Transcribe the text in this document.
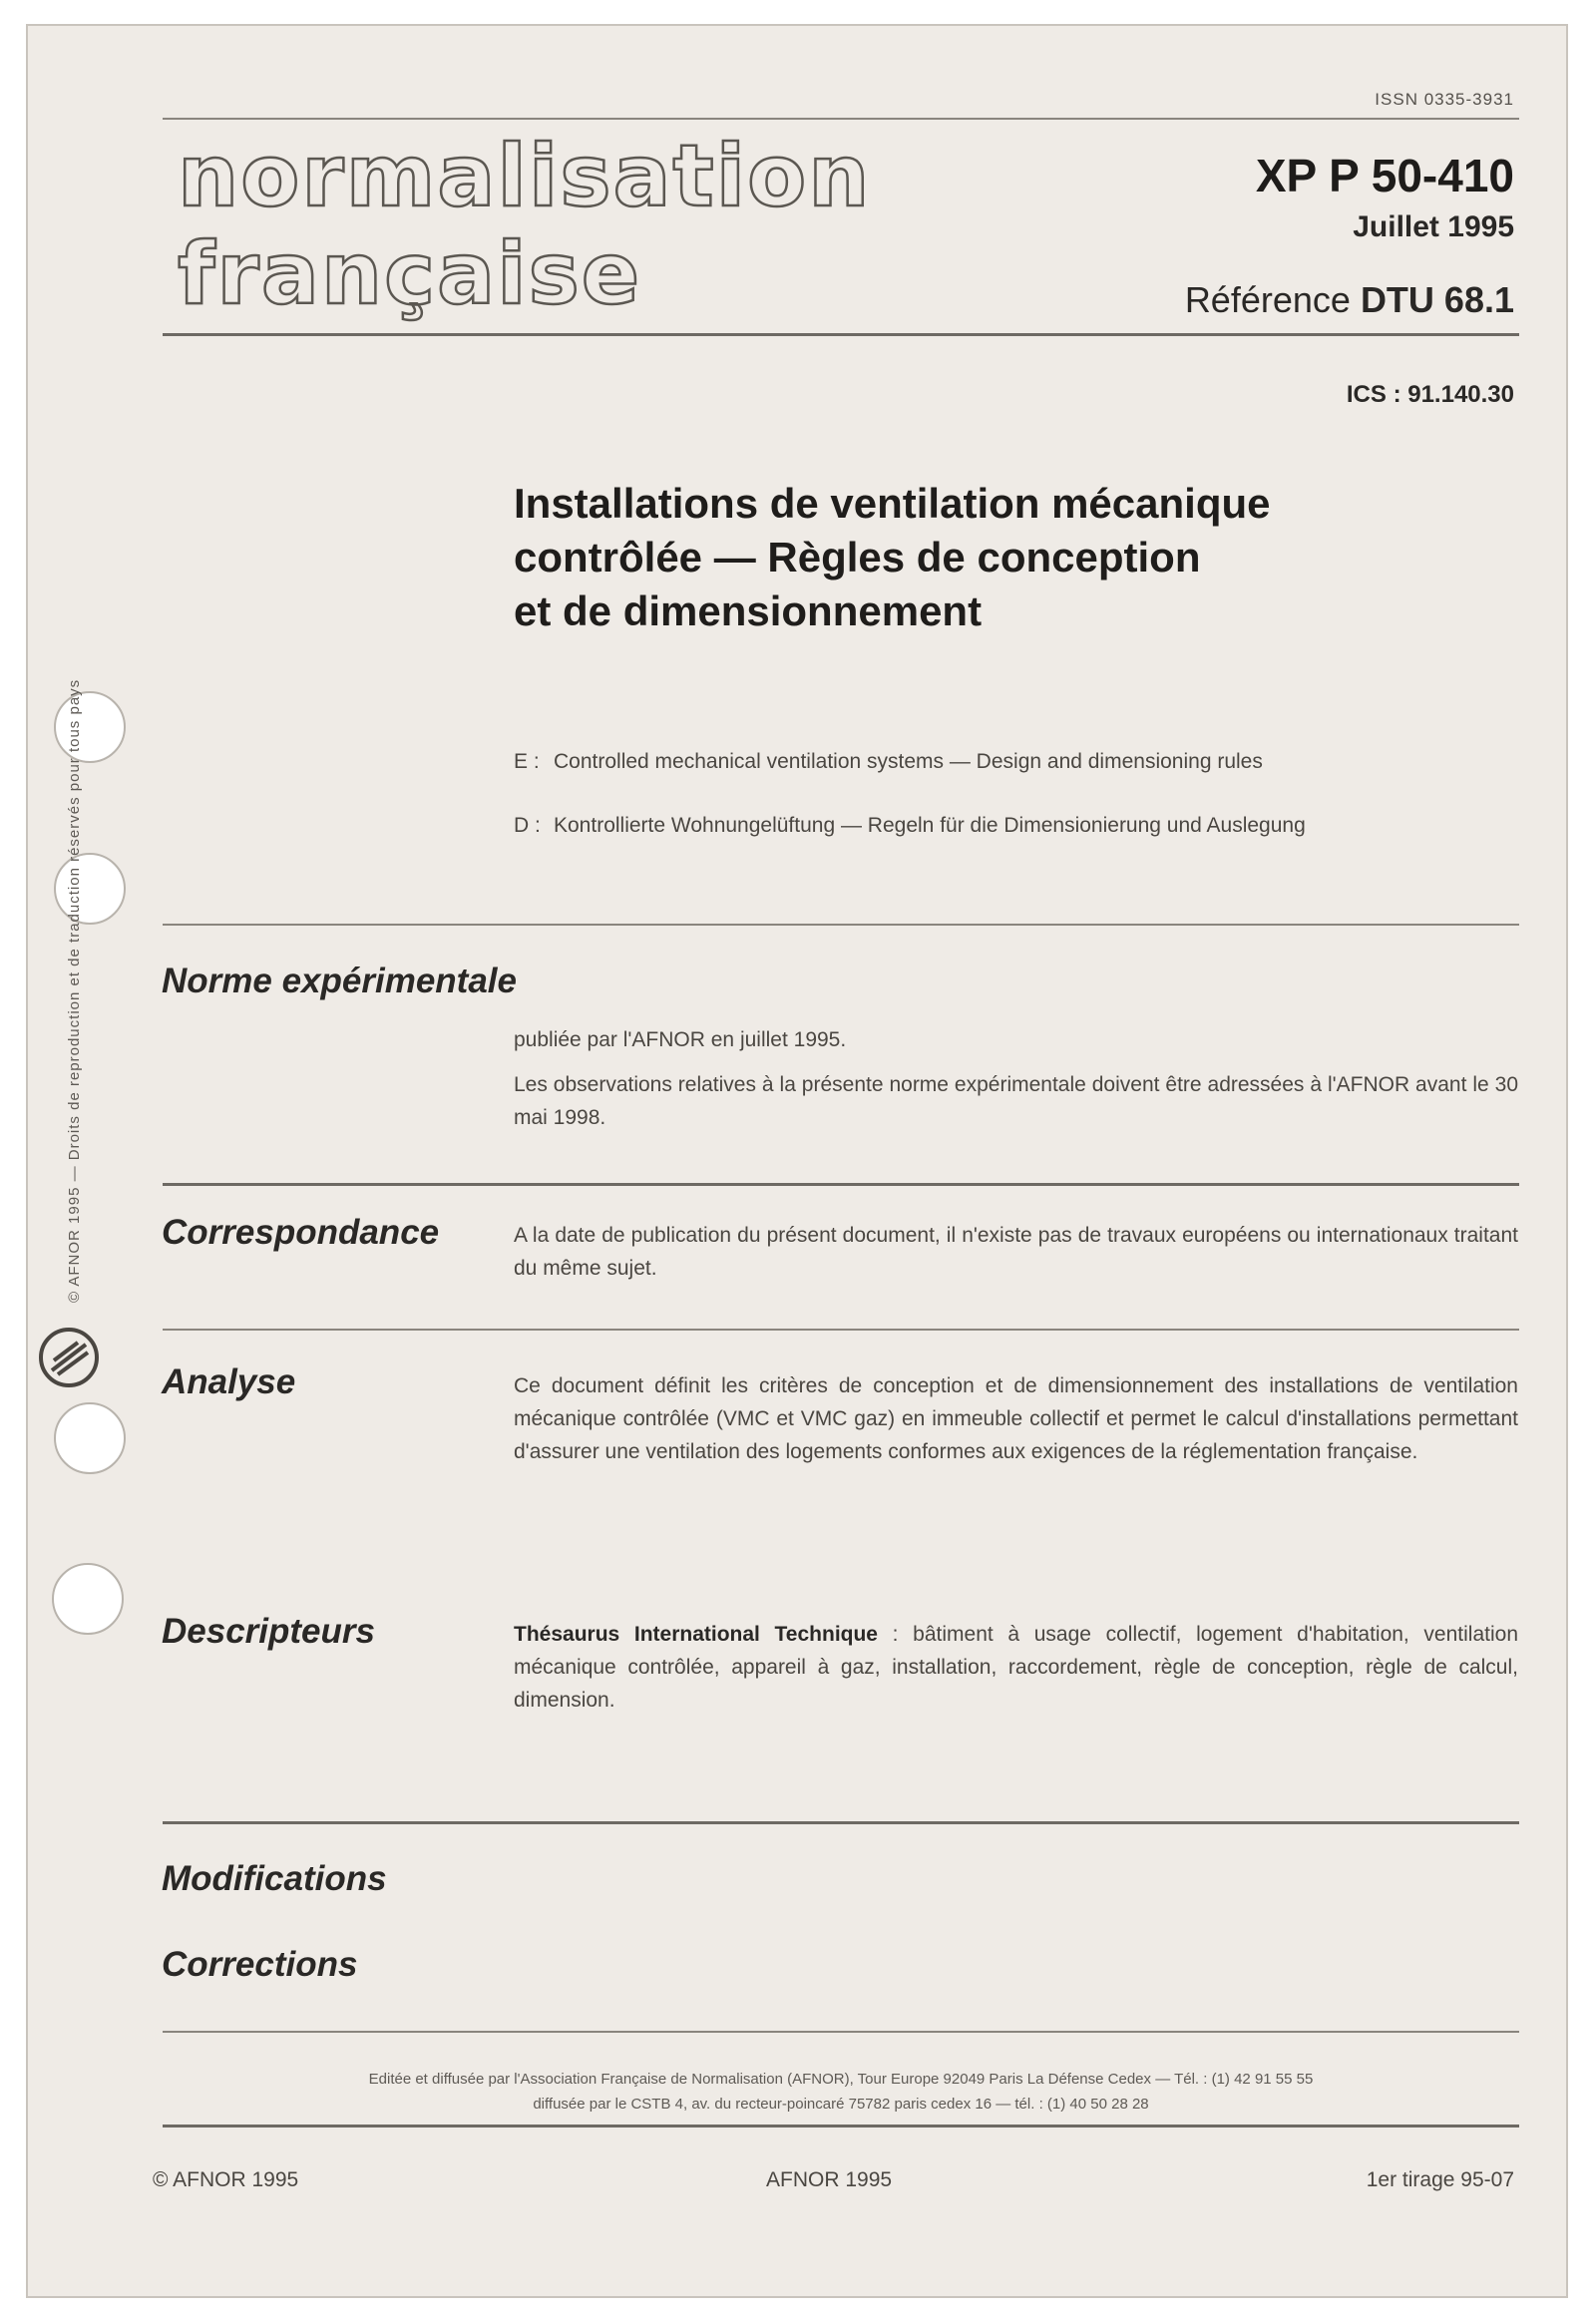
© AFNOR 1995 — Droits de reproduction et de traduction réservés pour tous pays
ISSN 0335-3931
normalisation
française
XP P 50-410
Juillet 1995
Référence DTU 68.1
ICS : 91.140.30
Installations de ventilation mécanique
contrôlée — Règles de conception
et de dimensionnement
E : Controlled mechanical ventilation systems — Design and dimensioning rules
D : Kontrollierte Wohnungelüftung — Regeln für die Dimensionierung und Auslegung
Norme expérimentale
publiée par l'AFNOR en juillet 1995.
Les observations relatives à la présente norme expérimentale doivent être adressées à l'AFNOR avant le 30 mai 1998.
Correspondance	A la date de publication du présent document, il n'existe pas de travaux européens ou internationaux traitant du même sujet.
Analyse	Ce document définit les critères de conception et de dimensionnement des installations de ventilation mécanique contrôlée (VMC et VMC gaz) en immeuble collectif et permet le calcul d'installations permettant d'assurer une ventilation des logements conformes aux exigences de la réglementation française.
Descripteurs	Thésaurus International Technique : bâtiment à usage collectif, logement d'habitation, ventilation mécanique contrôlée, appareil à gaz, installation, raccordement, règle de conception, règle de calcul, dimension.
Modifications
Corrections
Editée et diffusée par l'Association Française de Normalisation (AFNOR), Tour Europe 92049 Paris La Défense Cedex — Tél. : (1) 42 91 55 55
diffusée par le CSTB 4, av. du recteur-poincaré 75782 paris cedex 16 — tél. : (1) 40 50 28 28
© AFNOR 1995	AFNOR 1995	1er tirage 95-07
